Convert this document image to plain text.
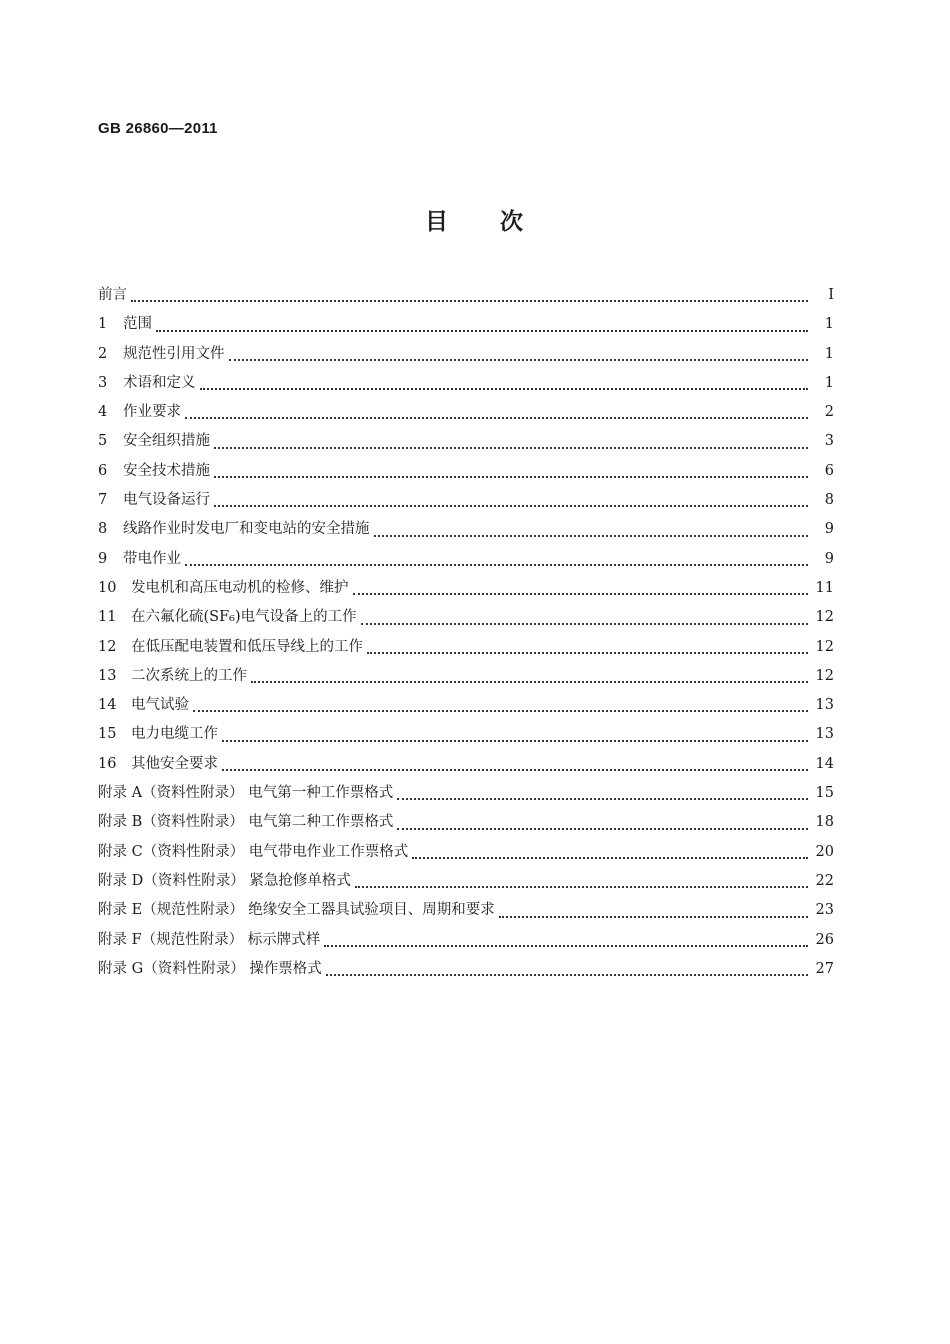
GB 26860—2011
目 次
前言	Ⅰ
1	范围	1
2	规范性引用文件	1
3	术语和定义	1
4	作业要求	2
5	安全组织措施	3
6	安全技术措施	6
7	电气设备运行	8
8	线路作业时发电厂和变电站的安全措施	9
9	带电作业	9
10	发电机和高压电动机的检修、维护	11
11	在六氟化硫(SF₆)电气设备上的工作	12
12	在低压配电装置和低压导线上的工作	12
13	二次系统上的工作	12
14	电气试验	13
15	电力电缆工作	13
16	其他安全要求	14
附录 A（资料性附录） 电气第一种工作票格式	15
附录 B（资料性附录） 电气第二种工作票格式	18
附录 C（资料性附录） 电气带电作业工作票格式	20
附录 D（资料性附录） 紧急抢修单格式	22
附录 E（规范性附录） 绝缘安全工器具试验项目、周期和要求	23
附录 F（规范性附录） 标示牌式样	26
附录 G（资料性附录） 操作票格式	27
